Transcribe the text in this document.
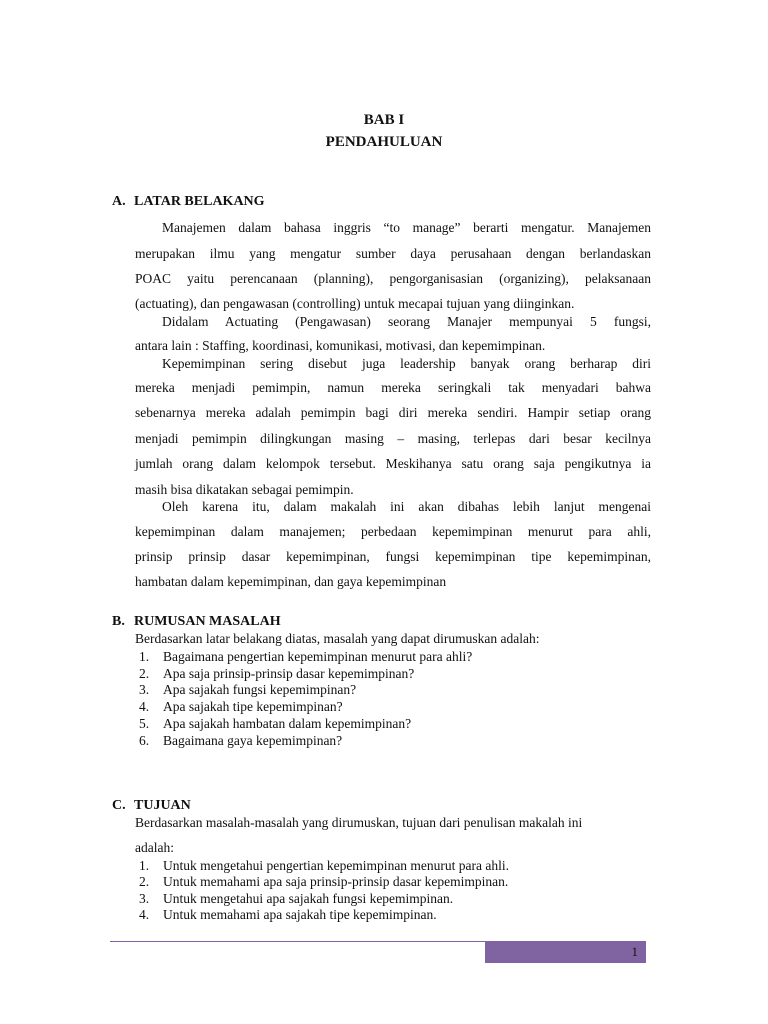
BAB I
PENDAHULUAN
A. LATAR BELAKANG
Manajemen dalam bahasa inggris “to manage” berarti mengatur. Manajemen
merupakan ilmu yang mengatur sumber daya perusahaan dengan berlandaskan
POAC yaitu perencanaan (planning), pengorganisasian (organizing), pelaksanaan
(actuating), dan pengawasan (controlling) untuk mecapai tujuan yang diinginkan.
Didalam Actuating (Pengawasan) seorang Manajer mempunyai 5 fungsi,
antara lain : Staffing, koordinasi, komunikasi, motivasi, dan kepemimpinan.
Kepemimpinan sering disebut juga leadership banyak orang berharap diri
mereka menjadi pemimpin, namun mereka seringkali tak menyadari bahwa
sebenarnya mereka adalah pemimpin bagi diri mereka sendiri. Hampir setiap orang
menjadi pemimpin dilingkungan masing – masing, terlepas dari besar kecilnya
jumlah orang dalam kelompok tersebut. Meskihanya satu orang saja pengikutnya ia
masih bisa dikatakan sebagai pemimpin.
Oleh karena itu, dalam makalah ini akan dibahas lebih lanjut mengenai
kepemimpinan dalam manajemen; perbedaan kepemimpinan menurut para ahli,
prinsip prinsip dasar kepemimpinan, fungsi kepemimpinan tipe kepemimpinan,
hambatan dalam kepemimpinan, dan gaya kepemimpinan
B. RUMUSAN MASALAH
Berdasarkan latar belakang diatas, masalah yang dapat dirumuskan adalah:
1. Bagaimana pengertian kepemimpinan menurut para ahli?
2. Apa saja prinsip-prinsip dasar kepemimpinan?
3. Apa sajakah fungsi kepemimpinan?
4. Apa sajakah tipe kepemimpinan?
5. Apa sajakah hambatan dalam kepemimpinan?
6. Bagaimana gaya kepemimpinan?
C. TUJUAN
Berdasarkan masalah-masalah yang dirumuskan, tujuan dari penulisan makalah ini
adalah:
1. Untuk mengetahui pengertian kepemimpinan menurut para ahli.
2. Untuk memahami apa saja prinsip-prinsip dasar kepemimpinan.
3. Untuk mengetahui apa sajakah fungsi kepemimpinan.
4. Untuk memahami apa sajakah tipe kepemimpinan.
1
